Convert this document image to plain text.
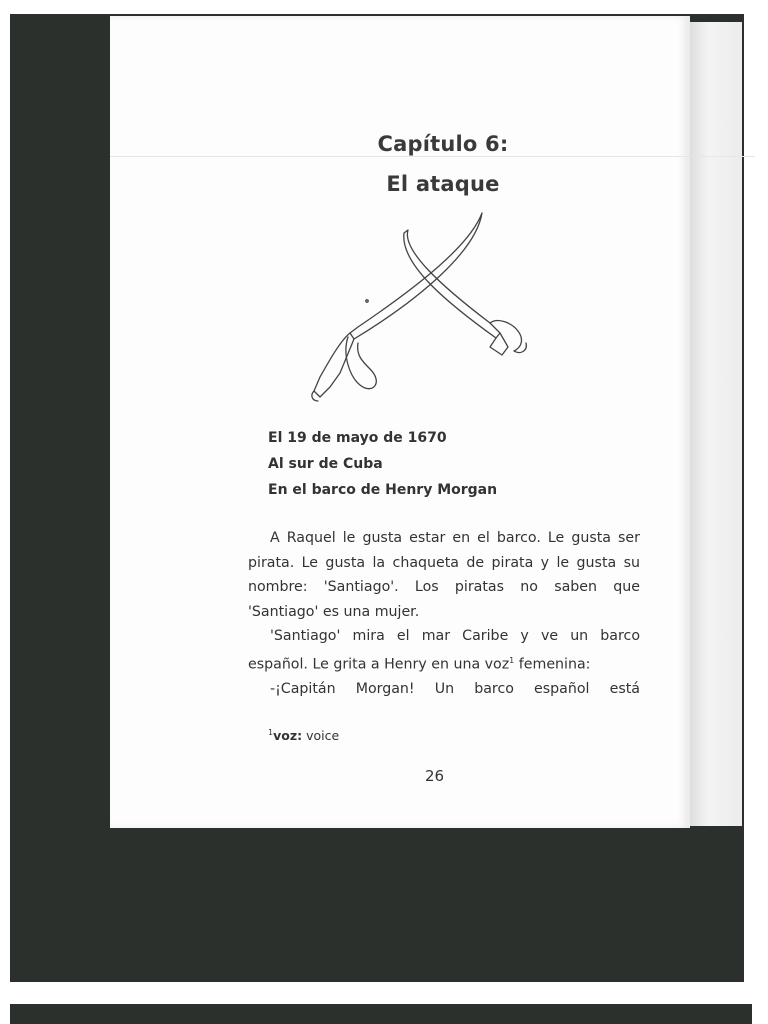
Capítulo 6:
El ataque
El 19 de mayo de 1670
Al sur de Cuba
En el barco de Henry Morgan

A Raquel le gusta estar en el barco. Le gusta ser pirata. Le gusta la chaqueta de pirata y le gusta su nombre: 'Santiago'. Los piratas no saben que 'Santiago' es una mujer.

'Santiago' mira el mar Caribe y ve un barco español. Le grita a Henry en una voz$^1$ femenina:

-¡Capitán Morgan! Un barco español está

$^1$voz: voice
26
